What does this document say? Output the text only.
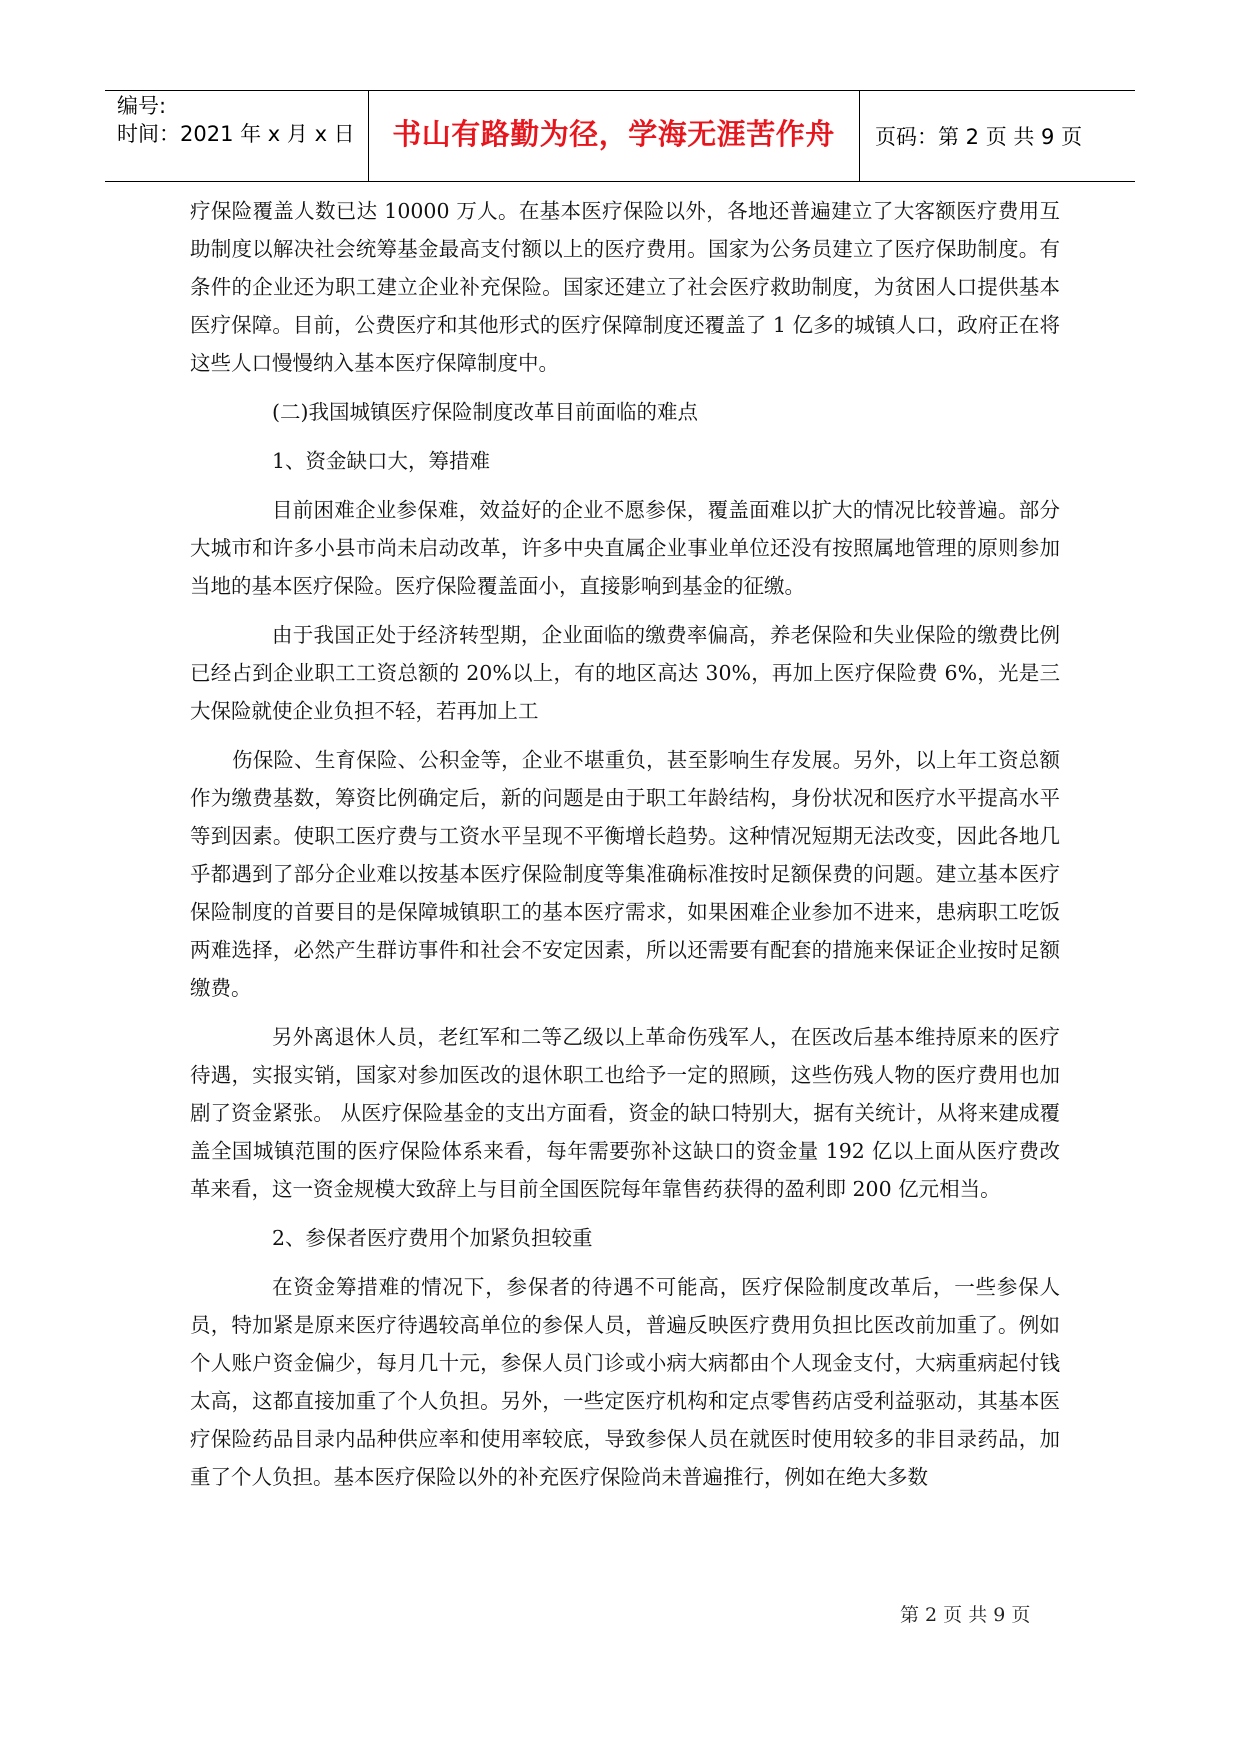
编号:
时间：2021 年 x 月 x 日	书山有路勤为径，学海无涯苦作舟	页码：第 2 页 共 9 页

疗保险覆盖人数已达 10000 万人。在基本医疗保险以外，各地还普遍建立了大客额医疗费用互助制度以解决社会统筹基金最高支付额以上的医疗费用。国家为公务员建立了医疗保助制度。有条件的企业还为职工建立企业补充保险。国家还建立了社会医疗救助制度，为贫困人口提供基本医疗保障。目前，公费医疗和其他形式的医疗保障制度还覆盖了 1 亿多的城镇人口，政府正在将这些人口慢慢纳入基本医疗保障制度中。

(二)我国城镇医疗保险制度改革目前面临的难点

1、资金缺口大，筹措难

目前困难企业参保难，效益好的企业不愿参保，覆盖面难以扩大的情况比较普遍。部分大城市和许多小县市尚未启动改革，许多中央直属企业事业单位还没有按照属地管理的原则参加当地的基本医疗保险。医疗保险覆盖面小，直接影响到基金的征缴。

由于我国正处于经济转型期，企业面临的缴费率偏高，养老保险和失业保险的缴费比例已经占到企业职工工资总额的 20%以上，有的地区高达 30%，再加上医疗保险费 6%，光是三大保险就使企业负担不轻，若再加上工

伤保险、生育保险、公积金等，企业不堪重负，甚至影响生存发展。另外，以上年工资总额作为缴费基数，筹资比例确定后，新的问题是由于职工年龄结构，身份状况和医疗水平提高水平等到因素。使职工医疗费与工资水平呈现不平衡增长趋势。这种情况短期无法改变，因此各地几乎都遇到了部分企业难以按基本医疗保险制度等集准确标准按时足额保费的问题。建立基本医疗保险制度的首要目的是保障城镇职工的基本医疗需求，如果困难企业参加不进来，患病职工吃饭两难选择，必然产生群访事件和社会不安定因素，所以还需要有配套的措施来保证企业按时足额缴费。

另外离退休人员，老红军和二等乙级以上革命伤残军人，在医改后基本维持原来的医疗待遇，实报实销，国家对参加医改的退休职工也给予一定的照顾，这些伤残人物的医疗费用也加剧了资金紧张。 从医疗保险基金的支出方面看，资金的缺口特别大，据有关统计，从将来建成覆盖全国城镇范围的医疗保险体系来看，每年需要弥补这缺口的资金量 192 亿以上面从医疗费改革来看，这一资金规模大致辞上与目前全国医院每年靠售药获得的盈利即 200 亿元相当。

2、参保者医疗费用个加紧负担较重

在资金筹措难的情况下，参保者的待遇不可能高，医疗保险制度改革后，一些参保人员，特加紧是原来医疗待遇较高单位的参保人员，普遍反映医疗费用负担比医改前加重了。例如个人账户资金偏少，每月几十元，参保人员门诊或小病大病都由个人现金支付，大病重病起付钱太高，这都直接加重了个人负担。另外，一些定医疗机构和定点零售药店受利益驱动，其基本医疗保险药品目录内品种供应率和使用率较底，导致参保人员在就医时使用较多的非目录药品，加重了个人负担。基本医疗保险以外的补充医疗保险尚未普遍推行，例如在绝大多数

第 2 页 共 9 页
